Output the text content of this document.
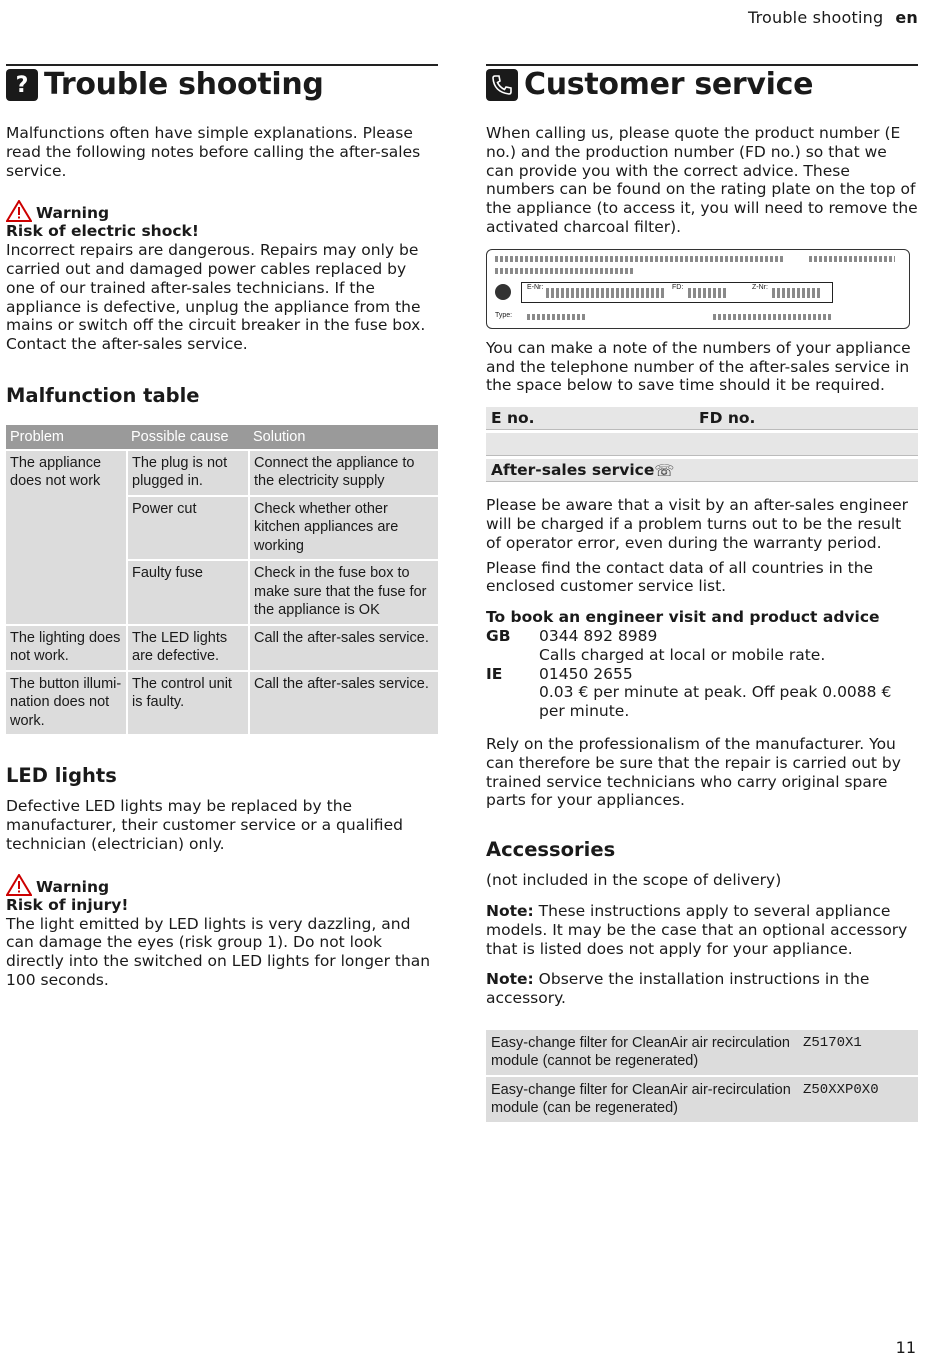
Trouble shooting en
? Trouble shooting

Malfunctions often have simple explanations. Please read the following notes before calling the after-sales service.

Warning

Risk of electric shock!

Incorrect repairs are dangerous. Repairs may only be carried out and damaged power cables replaced by one of our trained after-sales technicians. If the appliance is defective, unplug the appliance from the mains or switch off the circuit breaker in the fuse box. Contact the after-sales service.

Malfunction table
Problem	Possible cause	Solution
The appliance does not work	The plug is not plugged in.	Connect the appliance to the electricity supply
	Power cut	Check whether other kitchen appliances are working
	Faulty fuse	Check in the fuse box to make sure that the fuse for the appliance is OK
The lighting does not work.	The LED lights are defective.	Call the after-sales service.
The button illumi-nation does not work.	The control unit is faulty.	Call the after-sales service.
LED lights

Defective LED lights may be replaced by the manufacturer, their customer service or a qualified technician (electrician) only.

Warning

Risk of injury!

The light emitted by LED lights is very dazzling, and can damage the eyes (risk group 1). Do not look directly into the switched on LED lights for longer than 100 seconds.

Customer service

When calling us, please quote the product number (E no.) and the production number (FD no.) so that we can provide you with the correct advice. These numbers can be found on the rating plate on the top of the appliance (to access it, you will need to remove the activated charcoal filter).

E-Nr:	FD:	Z-Nr:
Type:

You can make a note of the numbers of your appliance and the telephone number of the after-sales service in the space below to save time should it be required.

E no.	FD no.
After-sales service ☏

Please be aware that a visit by an after-sales engineer will be charged if a problem turns out to be the result of operator error, even during the warranty period.

Please find the contact data of all countries in the enclosed customer service list.

To book an engineer visit and product advice
GB	0344 892 8989
Calls charged at local or mobile rate.
IE	01450 2655
0.03 € per minute at peak. Off peak 0.0088 € per minute.

Rely on the professionalism of the manufacturer. You can therefore be sure that the repair is carried out by trained service technicians who carry original spare parts for your appliances.

Accessories

(not included in the scope of delivery)

Note: These instructions apply to several appliance models. It may be the case that an optional accessory that is listed does not apply for your appliance.

Note: Observe the installation instructions in the accessory.

Easy-change filter for CleanAir air recirculation module (cannot be regenerated)	Z5170X1
Easy-change filter for CleanAir air-recirculation module (can be regenerated)	Z50XXP0X0
11
